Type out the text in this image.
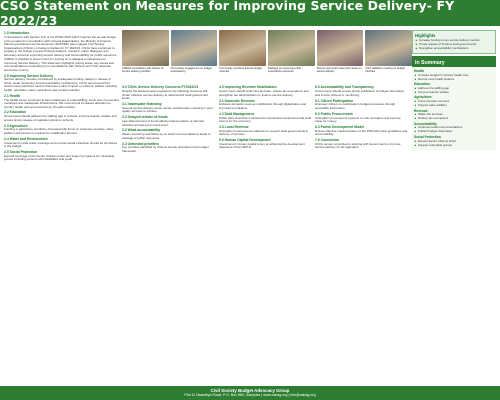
CSO Statement on Measures for Improving Service Delivery- FY 2022/23
1.0 Introduction
In accordance with Section 7(2) of the PFMA 2015 which requires the annual budget to be prepared in consultation with relevant stakeholders, the Ministry of Finance, Planning and Economic Development (MoFPED) has engaged Civil Society Organisations (CSOs) on budget priorities for FY 2022/23. CSOs have continued to engage in the budget process through analysis, research, policy dialogues and advocacy aimed at improving service delivery and accountability for public resources.
CSBAG is thankful to Government for inviting us to dialogue on Measures for Improving Service Delivery. This statement highlights priority areas, key issues and recommendations emanating from consultations with citizens and CSO networks across the country.
2.0 Improving Service Delivery
Service delivery remains constrained by inadequate funding, delays in release of funds, weak monitoring and accountability mechanisms. CSOs recommend that Government prioritizes sectors that have a direct impact on citizens' welfare including health, education, water, agriculture and social protection.
2.1 Health
The health sector continues to face challenges of understaffing, stock outs of essential medicines and inadequate infrastructure. We recommend increased allocation to primary health care and recruitment of health workers.
2.2 Education
Government should address the staffing gap in schools, improve teacher welfare and ensure timely release of capitation grants to schools.
2.3 Agriculture
Funding to agriculture should be increased with focus on extension services, value addition and access to markets for smallholder farmers.
2.4 Water and Environment
Investment in safe water coverage and environmental protection should be prioritized in the budget.
2.5 Social Protection
Expand coverage of the Senior Citizens Grant and support programs for vulnerable groups including persons with disabilities and youth.
CSBAG consultation with citizens on service delivery priorities
Civil society engagement on budget transparency
Community members discuss budget priorities
Dialogue on improving public expenditure outcomes
Women and youth share their views on service delivery
CSO validation meeting on budget priorities
3.0 CSOs Service Delivery Concerns FY2022/23
Despite the achievements registered, the following concerns still hinder effective service delivery at national and local government levels.
3.1 Inadequate financing
Several service delivery areas remain underfunded, resulting in poor quality services to citizens.
3.2 Delayed release of funds
Late disbursement of funds affects implementation of planned activities at local government level.
3.3 Weak accountability
Weak monitoring and follow up on audit recommendations leads to wastage of public resources.
3.4 Unfunded priorities
Key priorities identified by citizens remain unfunded in the budget framework.
4.0 Improving Revenue Mobilization
Government should widen the tax base, reduce tax exemptions and strengthen tax administration to finance service delivery.
4.1 Domestic Revenue
Enhance domestic revenue mobilization through digitalization and improved compliance.
4.2 Debt Management
Public debt should be contracted for productive investments that yield returns for the economy.
4.3 Local Revenue
Strengthen local revenue collection to support local governments in delivery of services.
5.0 Human Capital Development
Investment in human capital is key to achieving the development objectives of the NDP III.
6.0 Accountability and Transparency
Government should ensure timely publication of budget information and involve citizens in monitoring.
6.1 Citizen Participation
Empower citizens to participate in budget processes through accessible information.
6.2 Public Procurement
Strengthen procurement systems to curb corruption and improve value for money.
6.3 Parish Development Model
Ensure effective implementation of the PDM with clear guidelines and accountability.
7.0 Conclusion
CSOs remain committed to working with Government to improve service delivery for all Ugandans.
Highlights
■ Increase funding to key service delivery sectors
■ Timely release of funds to local governments
■ Strengthen accountability mechanisms
In Summary
Health
■ Increase budget for primary health care
■ Recruit more health workers
Education
■ Address the staffing gap
■ Improve teacher welfare
Agriculture
■ Fund extension services
■ Support value addition
Revenue
■ Widen the tax base
■ Reduce tax exemptions
Accountability
■ Implement audit recommendations
■ Publish budget information
Social Protection
■ Expand Senior Citizens Grant
■ Support vulnerable groups
Civil Society Budget Advocacy Group
Plot 11 Nsambya Road, P.O. Box 660, Kampala | www.csbag.org | info@csbag.org
